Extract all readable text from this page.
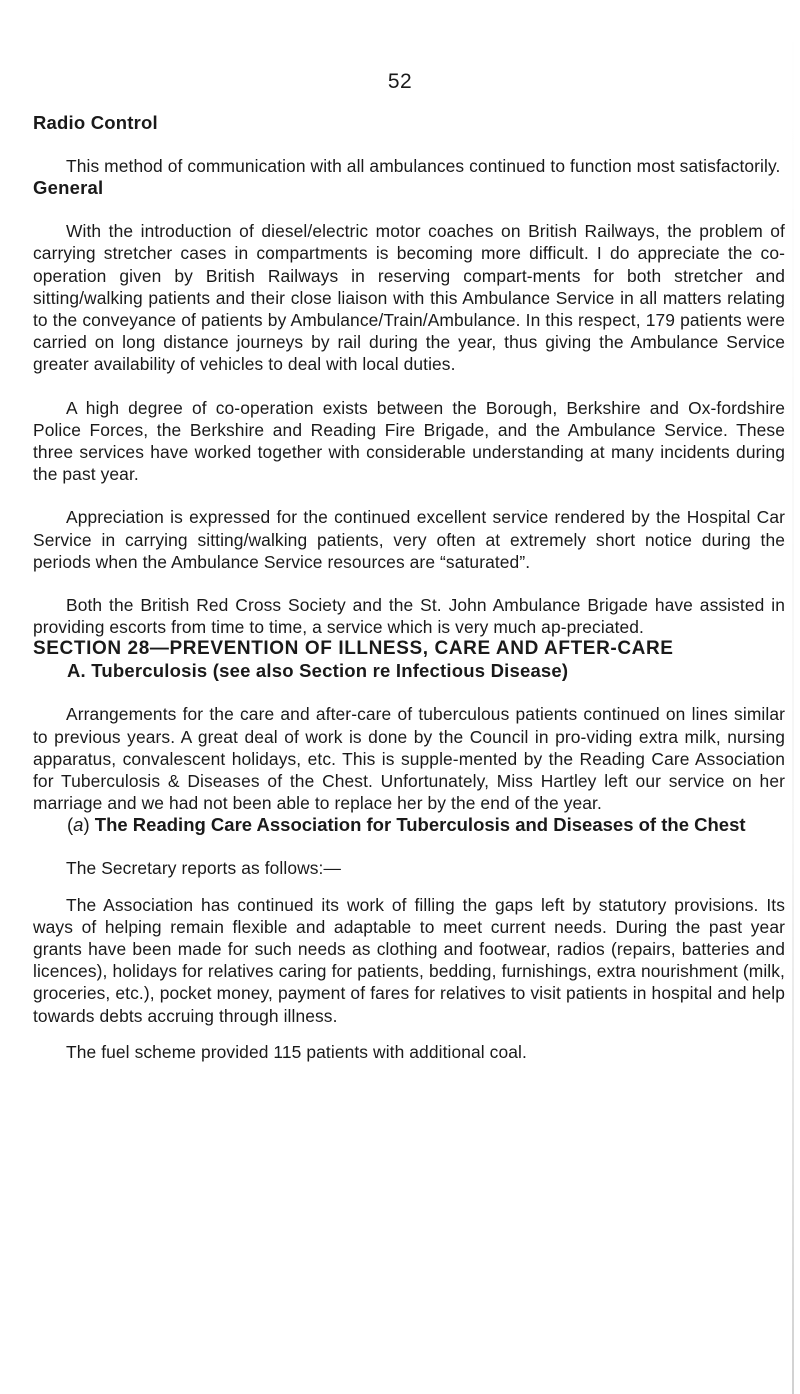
52
Radio Control

This method of communication with all ambulances continued to function most satisfactorily.

General

With the introduction of diesel/electric motor coaches on British Railways, the problem of carrying stretcher cases in compartments is becoming more difficult. I do appreciate the co-operation given by British Railways in reserving compart-ments for both stretcher and sitting/walking patients and their close liaison with this Ambulance Service in all matters relating to the conveyance of patients by Ambulance/Train/Ambulance. In this respect, 179 patients were carried on long distance journeys by rail during the year, thus giving the Ambulance Service greater availability of vehicles to deal with local duties.

A high degree of co-operation exists between the Borough, Berkshire and Ox-fordshire Police Forces, the Berkshire and Reading Fire Brigade, and the Ambulance Service. These three services have worked together with considerable understanding at many incidents during the past year.

Appreciation is expressed for the continued excellent service rendered by the Hospital Car Service in carrying sitting/walking patients, very often at extremely short notice during the periods when the Ambulance Service resources are “saturated”.

Both the British Red Cross Society and the St. John Ambulance Brigade have assisted in providing escorts from time to time, a service which is very much ap-preciated.

SECTION 28—PREVENTION OF ILLNESS, CARE AND AFTER-CARE
A. Tuberculosis (see also Section re Infectious Disease)

Arrangements for the care and after-care of tuberculous patients continued on lines similar to previous years. A great deal of work is done by the Council in pro-viding extra milk, nursing apparatus, convalescent holidays, etc. This is supple-mented by the Reading Care Association for Tuberculosis & Diseases of the Chest. Unfortunately, Miss Hartley left our service on her marriage and we had not been able to replace her by the end of the year.

(a) The Reading Care Association for Tuberculosis and Diseases of the Chest

The Secretary reports as follows:—

The Association has continued its work of filling the gaps left by statutory provisions. Its ways of helping remain flexible and adaptable to meet current needs. During the past year grants have been made for such needs as clothing and footwear, radios (repairs, batteries and licences), holidays for relatives caring for patients, bedding, furnishings, extra nourishment (milk, groceries, etc.), pocket money, payment of fares for relatives to visit patients in hospital and help towards debts accruing through illness.

The fuel scheme provided 115 patients with additional coal.
